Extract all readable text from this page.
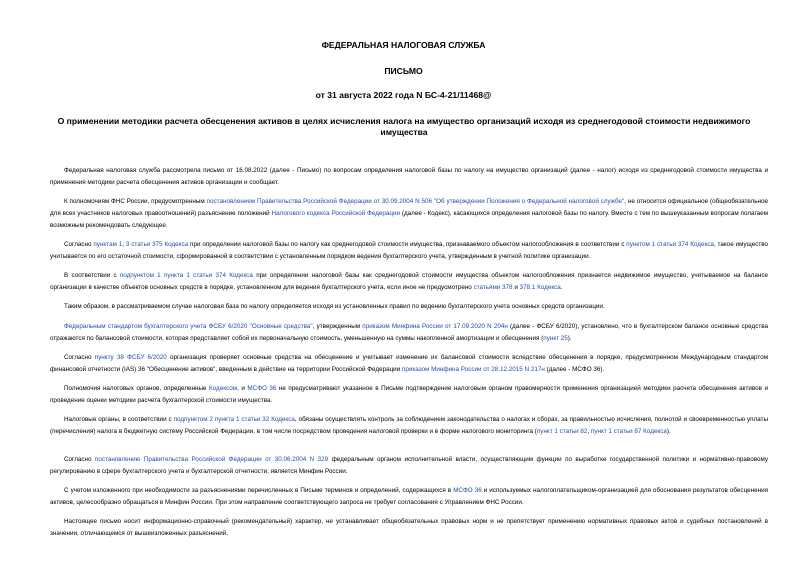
ФЕДЕРАЛЬНАЯ НАЛОГОВАЯ СЛУЖБА
ПИСЬМО
от 31 августа 2022 года N БС-4-21/11468@
О применении методики расчета обесценения активов в целях исчисления налога на имущество организаций исходя из среднегодовой стоимости недвижимого имущества
Федеральная налоговая служба рассмотрела письмо от 16.08.2022 (далее - Письмо) по вопросам определения налоговой базы по налогу на имущество организаций (далее - налог) исходя из среднегодовой стоимости имущества и применения методики расчета обесценения активов организации и сообщает.
К полномочиям ФНС России, предусмотренным постановлением Правительства Российской Федерации от 30.09.2004 N 506 "Об утверждении Положения о Федеральной налоговой службе", не относится официальное (общеобязательное для всех участников налоговых правоотношений) разъяснение положений Налогового кодекса Российской Федерации (далее - Кодекс), касающихся определения налоговой базы по налогу. Вместе с тем по вышеуказанным вопросам полагаем возможным рекомендовать следующее.
Согласно пунктам 1, 3 статьи 375 Кодекса при определении налоговой базы по налогу как среднегодовой стоимости имущества, признаваемого объектом налогообложения в соответствии с пунктом 1 статьи 374 Кодекса, такое имущество учитывается по его остаточной стоимости, сформированной в соответствии с установленным порядком ведения бухгалтерского учета, утвержденным в учетной политике организации.
В соответствии с подпунктом 1 пункта 1 статьи 374 Кодекса при определении налоговой базы как среднегодовой стоимости имущества объектом налогообложения признается недвижимое имущество, учитываемое на балансе организации в качестве объектов основных средств в порядке, установленном для ведения бухгалтерского учета, если иное не предусмотрено статьями 378 и 378.1 Кодекса.
Таким образом, в рассматриваемом случае налоговая база по налогу определяется исходя из установленных правил по ведению бухгалтерского учета основных средств организации.
Федеральным стандартом бухгалтерского учета ФСБУ 6/2020 "Основные средства", утвержденным приказом Минфина России от 17.09.2020 N 204н (далее - ФСБУ 6/2020), установлено, что в бухгалтерском балансе основные средства отражаются по балансовой стоимости, которая представляет собой их первоначальную стоимость, уменьшенную на суммы накопленной амортизации и обесценения (пункт 25).
Согласно пункту 38 ФСБУ 6/2020 организация проверяет основные средства на обесценение и учитывает изменение их балансовой стоимости вследствие обесценения в порядке, предусмотренном Международным стандартом финансовой отчетности (IAS) 36 "Обесценение активов", введенным в действие на территории Российской Федерации приказом Минфина России от 28.12.2015 N 217н (далее - МСФО 36).
Полномочия налоговых органов, определенные Кодексом, и МСФО 36 не предусматривают указанное в Письме подтверждение налоговым органом правомерности применения организацией методики расчета обесценения активов и проведение оценки методики расчета бухгалтерской стоимости имущества.
Налоговые органы, в соответствии с подпунктом 2 пункта 1 статьи 32 Кодекса, обязаны осуществлять контроль за соблюдением законодательства о налогах и сборах, за правильностью исчисления, полнотой и своевременностью уплаты (перечисления) налога в бюджетную систему Российской Федерации, в том числе посредством проведения налоговой проверки и в форме налогового мониторинга (пункт 1 статьи 82, пункт 1 статьи 87 Кодекса).
Согласно постановлению Правительства Российской Федерации от 30.06.2004 N 329 федеральным органом исполнительной власти, осуществляющим функции по выработке государственной политики и нормативно-правовому регулированию в сфере бухгалтерского учета и бухгалтерской отчетности, является Минфин России.
С учетом изложенного при необходимости за разъяснениями перечисленных в Письме терминов и определений, содержащихся в МСФО 36 и используемых налогоплательщиком-организацией для обоснования результатов обесценения активов, целесообразно обращаться в Минфин России. При этом направление соответствующего запроса не требует согласования с Управлением ФНС России.
Настоящее письмо носит информационно-справочный (рекомендательный) характер, не устанавливает общеобязательных правовых норм и не препятствует применению нормативных правовых актов и судебных постановлений в значении, отличающемся от вышеизложенных разъяснений.
